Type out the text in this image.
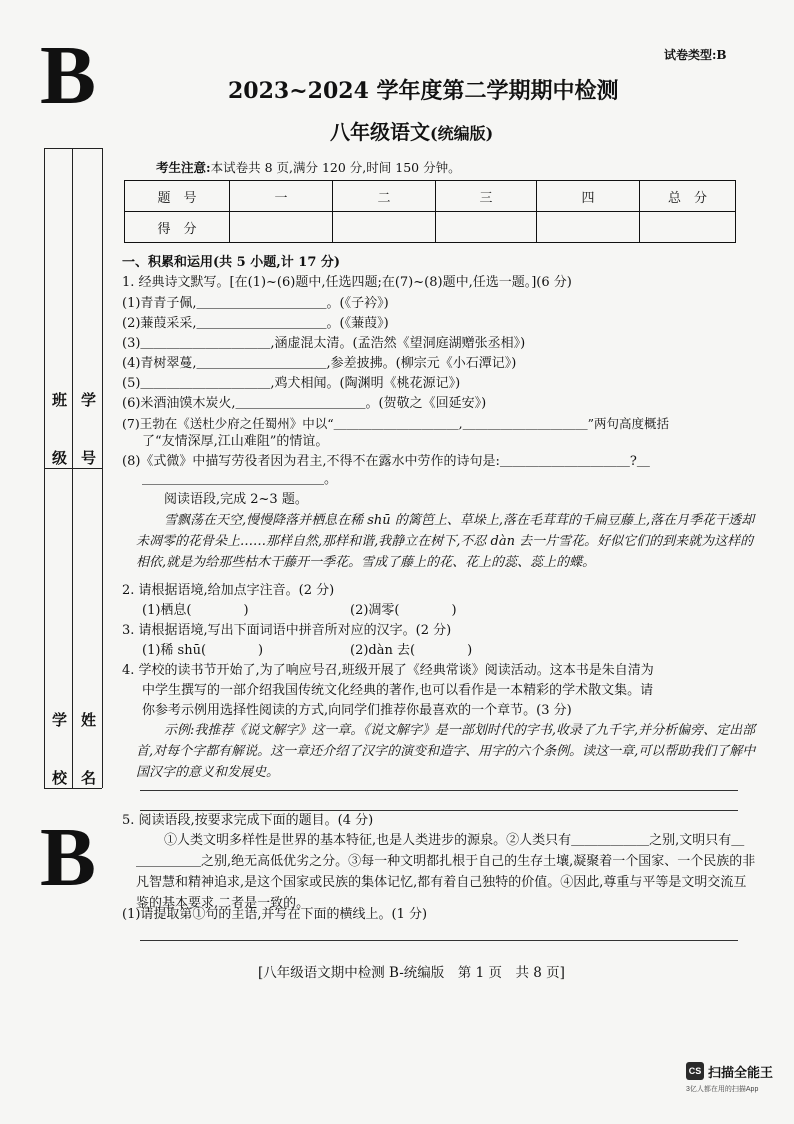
B	试卷类型:B
2023~2024 学年度第二学期期中检测
八年级语文(统编版)
考生注意:本试卷共 8 页,满分 120 分,时间 150 分钟。
题　号	一	二	三	四	总　分
得　分					
班　级 学　号
学　校 姓　名
B
一、积累和运用(共 5 小题,计 17 分)
1. 经典诗文默写。[在(1)~(6)题中,任选四题;在(7)~(8)题中,任选一题。](6 分)
(1)青青子佩,＿＿＿＿＿＿＿＿＿＿。(《子衿》)
(2)蒹葭采采,＿＿＿＿＿＿＿＿＿＿。(《蒹葭》)
(3)＿＿＿＿＿＿＿＿＿＿,涵虚混太清。(孟浩然《望洞庭湖赠张丞相》)
(4)青树翠蔓,＿＿＿＿＿＿＿＿＿＿,参差披拂。(柳宗元《小石潭记》)
(5)＿＿＿＿＿＿＿＿＿＿,鸡犬相闻。(陶渊明《桃花源记》)
(6)米酒油馍木炭火,＿＿＿＿＿＿＿＿＿＿。(贺敬之《回延安》)
(7)王勃在《送杜少府之任蜀州》中以“＿＿＿＿＿＿＿＿＿＿,＿＿＿＿＿＿＿＿＿＿”两句高度概括
了“友情深厚,江山难阻”的情谊。
(8)《式微》中描写劳役者因为君主,不得不在露水中劳作的诗句是:＿＿＿＿＿＿＿＿＿＿?＿
＿＿＿＿＿＿＿＿＿＿＿＿＿＿。
阅读语段,完成 2~3 题。

雪飘荡在天空,慢慢降落并栖息在稀 shū 的篱笆上、草垛上,落在毛茸茸的千扁豆藤上,落在月季花干透却未凋零的花骨朵上……那样自然,那样和谐,我静立在树下,不忍 dàn 去一片雪花。好似它们的到来就为这样的相依,就是为给那些枯木干藤开一季花。雪成了藤上的花、花上的蕊、蕊上的蝶。

2. 请根据语境,给加点字注音。(2 分)
(1)栖息(　　　　)	(2)凋零(　　　　)
3. 请根据语境,写出下面词语中拼音所对应的汉字。(2 分)
(1)稀 shū(　　　　)	(2)dàn 去(　　　　)
4. 学校的读书节开始了,为了响应号召,班级开展了《经典常谈》阅读活动。这本书是朱自清为
中学生撰写的一部介绍我国传统文化经典的著作,也可以看作是一本精彩的学术散文集。请
你参考示例用选择性阅读的方式,向同学们推荐你最喜欢的一个章节。(3 分)

示例:我推荐《说文解字》这一章。《说文解字》是一部划时代的字书,收录了九千字,并分析偏旁、定出部首,对每个字都有解说。这一章还介绍了汉字的演变和造字、用字的六个条例。读这一章,可以帮助我们了解中国汉字的意义和发展史。

5. 阅读语段,按要求完成下面的题目。(4 分)

①人类文明多样性是世界的基本特征,也是人类进步的源泉。②人类只有＿＿＿＿＿＿之别,文明只有＿＿＿＿＿＿之别,绝无高低优劣之分。③每一种文明都扎根于自己的生存土壤,凝聚着一个国家、一个民族的非凡智慧和精神追求,是这个国家或民族的集体记忆,都有着自己独特的价值。④因此,尊重与平等是文明交流互鉴的基本要求,二者是一致的。

(1)请提取第①句的主语,并写在下面的横线上。(1 分)
[八年级语文期中检测 B-统编版　第 1 页　共 8 页]
CS 扫描全能王
3亿人都在用的扫描App
